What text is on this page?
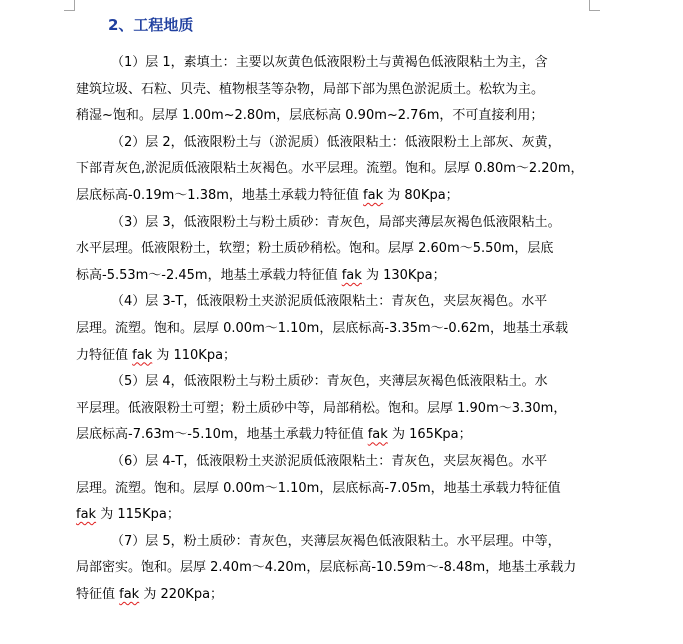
2、工程地质

（1）层 1，素填土：主要以灰黄色低液限粉土与黄褐色低液限粘土为主，含
建筑垃圾、石粒、贝壳、植物根茎等杂物，局部下部为黑色淤泥质土。松软为主。
稍湿~饱和。层厚 1.00m~2.80m，层底标高 0.90m~2.76m，不可直接利用；

（2）层 2，低液限粉土与（淤泥质）低液限粘土：低液限粉土上部灰、灰黄，
下部青灰色,淤泥质低液限粘土灰褐色。水平层理。流塑。饱和。层厚 0.80m～2.20m，
层底标高-0.19m～1.38m，地基土承载力特征值 fak 为 80Kpa；

（3）层 3，低液限粉土与粉土质砂：青灰色，局部夹薄层灰褐色低液限粘土。
水平层理。低液限粉土，软塑；粉土质砂稍松。饱和。层厚 2.60m～5.50m，层底
标高-5.53m～-2.45m，地基土承载力特征值 fak 为 130Kpa；

（4）层 3-T，低液限粉土夹淤泥质低液限粘土：青灰色，夹层灰褐色。水平
层理。流塑。饱和。层厚 0.00m～1.10m，层底标高-3.35m～-0.62m，地基土承载
力特征值 fak 为 110Kpa；

（5）层 4，低液限粉土与粉土质砂：青灰色，夹薄层灰褐色低液限粘土。水
平层理。低液限粉土可塑；粉土质砂中等，局部稍松。饱和。层厚 1.90m～3.30m，
层底标高-7.63m～-5.10m，地基土承载力特征值 fak 为 165Kpa；

（6）层 4-T，低液限粉土夹淤泥质低液限粘土：青灰色，夹层灰褐色。水平
层理。流塑。饱和。层厚 0.00m～1.10m，层底标高-7.05m，地基土承载力特征值
fak 为 115Kpa；

（7）层 5，粉土质砂：青灰色，夹薄层灰褐色低液限粘土。水平层理。中等，
局部密实。饱和。层厚 2.40m～4.20m，层底标高-10.59m～-8.48m，地基土承载力
特征值 fak 为 220Kpa；
